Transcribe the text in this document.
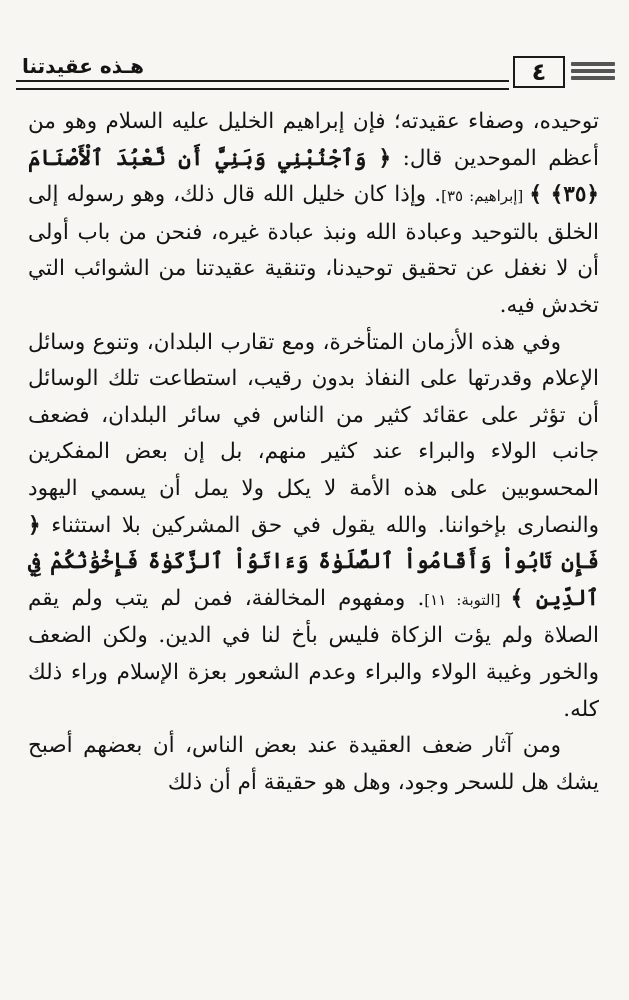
هـذه عقيدتنا	٤

توحيده، وصفاء عقيدته؛ فإن إبراهيم الخليل عليه السلام وهو من أعظم الموحدين قال: ﴿ وَٱجْنُبْنِي وَبَنِيَّ أَن نَّعْبُدَ ٱلْأَصْنَامَ ﴿٣٥﴾ ﴾ [إبراهيم: ٣٥]. وإذا كان خليل الله قال ذلك، وهو رسوله إلى الخلق بالتوحيد وعبادة الله ونبذ عبادة غيره، فنحن من باب أولى أن لا نغفل عن تحقيق توحيدنا، وتنقية عقيدتنا من الشوائب التي تخدش فيه.

وفي هذه الأزمان المتأخرة، ومع تقارب البلدان، وتنوع وسائل الإعلام وقدرتها على النفاذ بدون رقيب، استطاعت تلك الوسائل أن تؤثر على عقائد كثير من الناس في سائر البلدان، فضعف جانب الولاء والبراء عند كثير منهم، بل إن بعض المفكرين المحسوبين على هذه الأمة لا يكل ولا يمل أن يسمي اليهود والنصارى بإخواننا. والله يقول في حق المشركين بلا استثناء ﴿ فَإِن تَابُواْ وَأَقَامُواْ ٱلصَّلَوٰةَ وَءَاتَوُاْ ٱلزَّكَوٰةَ فَإِخْوَٰنُكُمْ فِي ٱلدِّينِ ﴾ [التوبة: ١١]. ومفهوم المخالفة، فمن لم يتب ولم يقم الصلاة ولم يؤت الزكاة فليس بأخ لنا في الدين. ولكن الضعف والخور وغيبة الولاء والبراء وعدم الشعور بعزة الإسلام وراء ذلك كله.

ومن آثار ضعف العقيدة عند بعض الناس، أن بعضهم أصبح يشك هل للسحر وجود، وهل هو حقيقة أم أن ذلك
